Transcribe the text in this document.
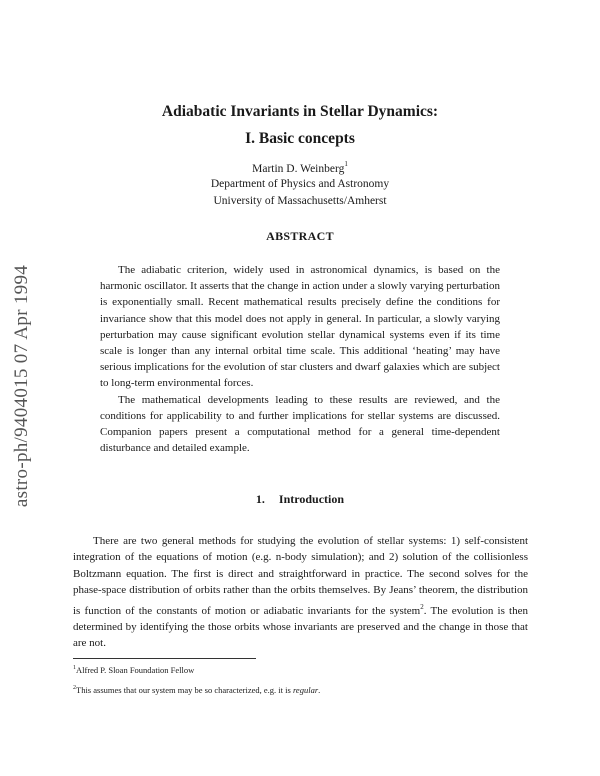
astro-ph/9404015 07 Apr 1994
Adiabatic Invariants in Stellar Dynamics:
I. Basic concepts
Martin D. Weinberg$^1$
Department of Physics and Astronomy
University of Massachusetts/Amherst
ABSTRACT

The adiabatic criterion, widely used in astronomical dynamics, is based on the harmonic oscillator. It asserts that the change in action under a slowly varying perturbation is exponentially small. Recent mathematical results precisely define the conditions for invariance show that this model does not apply in general. In particular, a slowly varying perturbation may cause significant evolution stellar dynamical systems even if its time scale is longer than any internal orbital time scale. This additional ‘heating’ may have serious implications for the evolution of star clusters and dwarf galaxies which are subject to long-term environmental forces.

The mathematical developments leading to these results are reviewed, and the conditions for applicability to and further implications for stellar systems are discussed. Companion papers present a computational method for a general time-dependent disturbance and detailed example.

1. Introduction

There are two general methods for studying the evolution of stellar systems: 1) self-consistent integration of the equations of motion (e.g. n-body simulation); and 2) solution of the collisionless Boltzmann equation. The first is direct and straightforward in practice. The second solves for the phase-space distribution of orbits rather than the orbits themselves. By Jeans’ theorem, the distribution is function of the constants of motion or adiabatic invariants for the system$^2$. The evolution is then determined by identifying the those orbits whose invariants are preserved and the change in those that are not.

$^1$Alfred P. Sloan Foundation Fellow
$^2$This assumes that our system may be so characterized, e.g. it is regular.
